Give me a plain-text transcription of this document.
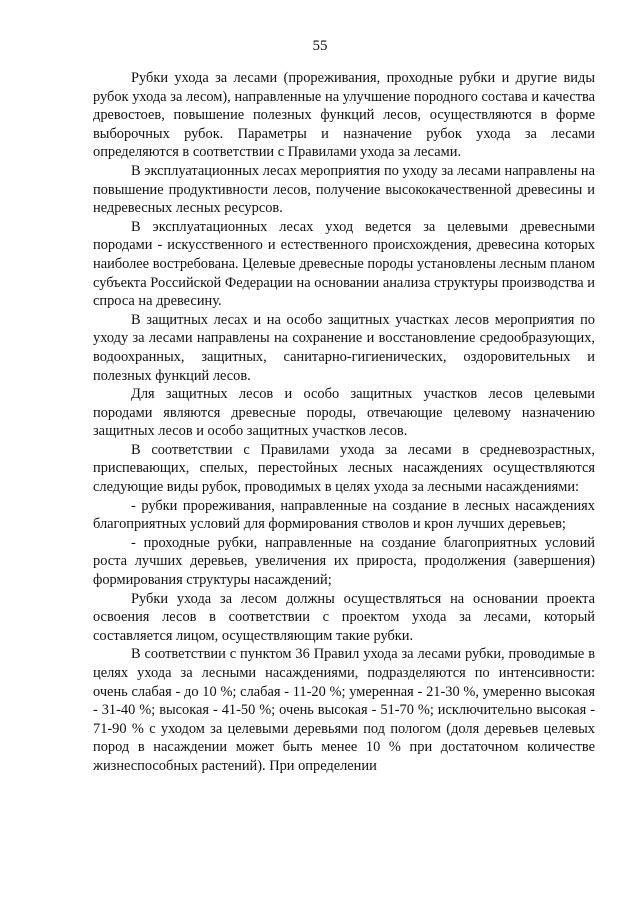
55

Рубки ухода за лесами (прореживания, проходные рубки и другие виды рубок ухода за лесом), направленные на улучшение породного состава и качества древостоев, повышение полезных функций лесов, осуществляются в форме выборочных рубок. Параметры и назначение рубок ухода за лесами определяются в соответствии с Правилами ухода за лесами.

В эксплуатационных лесах мероприятия по уходу за лесами направлены на повышение продуктивности лесов, получение высококачественной древесины и недревесных лесных ресурсов.

В эксплуатационных лесах уход ведется за целевыми древесными породами - искусственного и естественного происхождения, древесина которых наиболее востребована. Целевые древесные породы установлены лесным планом субъекта Российской Федерации на основании анализа структуры производства и спроса на древесину.

В защитных лесах и на особо защитных участках лесов мероприятия по уходу за лесами направлены на сохранение и восстановление средообразующих, водоохранных, защитных, санитарно-гигиенических, оздоровительных и полезных функций лесов.

Для защитных лесов и особо защитных участков лесов целевыми породами являются древесные породы, отвечающие целевому назначению защитных лесов и особо защитных участков лесов.

В соответствии с Правилами ухода за лесами в средневозрастных, приспевающих, спелых, перестойных лесных насаждениях осуществляются следующие виды рубок, проводимых в целях ухода за лесными насаждениями:

- рубки прореживания, направленные на создание в лесных насаждениях благоприятных условий для формирования стволов и крон лучших деревьев;

- проходные рубки, направленные на создание благоприятных условий роста лучших деревьев, увеличения их прироста, продолжения (завершения) формирования структуры насаждений;

Рубки ухода за лесом должны осуществляться на основании проекта освоения лесов в соответствии с проектом ухода за лесами, который составляется лицом, осуществляющим такие рубки.

В соответствии с пунктом 36 Правил ухода за лесами рубки, проводимые в целях ухода за лесными насаждениями, подразделяются по интенсивности: очень слабая - до 10 %; слабая - 11-20 %; умеренная - 21-30 %, умеренно высокая - 31-40 %; высокая - 41-50 %; очень высокая - 51-70 %; исключительно высокая - 71-90 % с уходом за целевыми деревьями под пологом (доля деревьев целевых пород в насаждении может быть менее 10 % при достаточном количестве жизнеспособных растений). При определении
